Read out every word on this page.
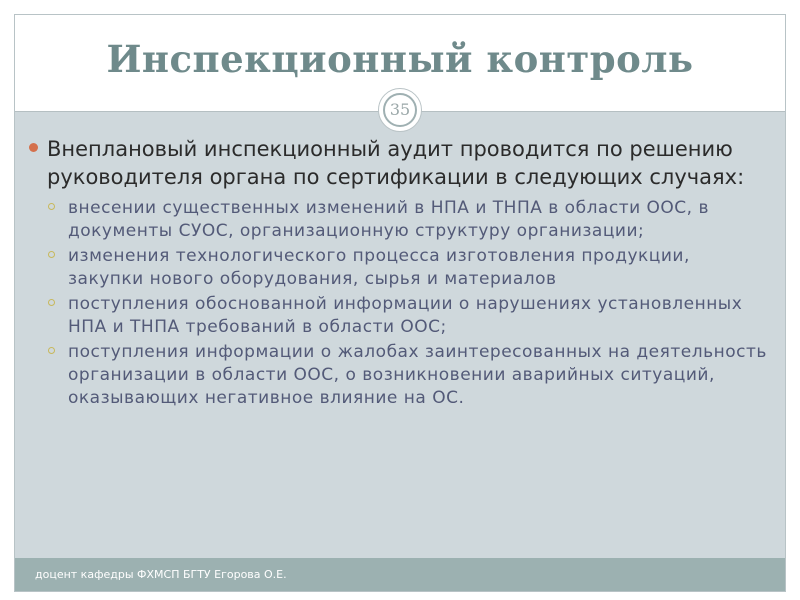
Инспекционный контроль
35
Внеплановый инспекционный аудит проводится по решению руководителя органа по сертификации в следующих случаях:
внесении существенных изменений в НПА и ТНПА в области ООС, в документы СУОС, организационную структуру организации;
изменения технологического процесса изготовления продукции, закупки нового оборудования, сырья и материалов
поступления обоснованной информации о нарушениях установленных НПА и ТНПА требований в области ООС;
поступления информации о жалобах заинтересованных на деятельность организации в области ООС, о возникновении аварийных ситуаций, оказывающих негативное влияние на ОС.
доцент кафедры ФХМСП БГТУ Егорова О.Е.
